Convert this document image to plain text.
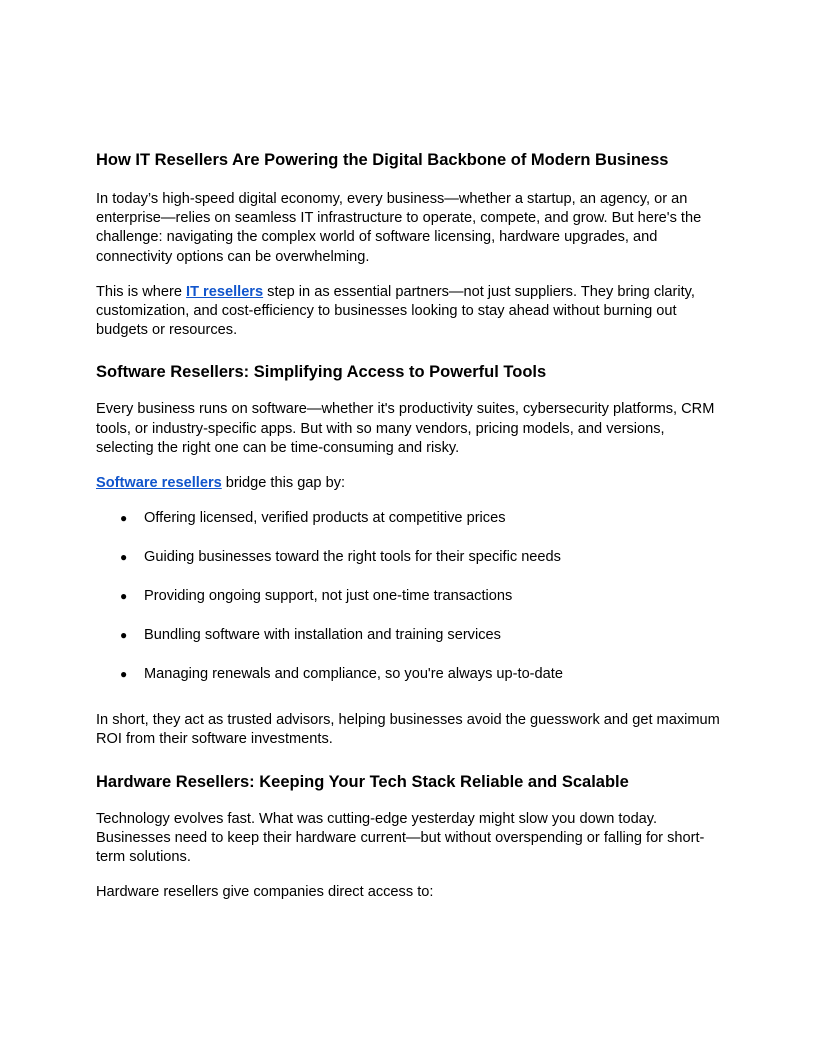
How IT Resellers Are Powering the Digital Backbone of Modern Business

In today’s high-speed digital economy, every business—whether a startup, an agency, or an enterprise—relies on seamless IT infrastructure to operate, compete, and grow. But here's the challenge: navigating the complex world of software licensing, hardware upgrades, and connectivity options can be overwhelming.

This is where IT resellers step in as essential partners—not just suppliers. They bring clarity, customization, and cost-efficiency to businesses looking to stay ahead without burning out budgets or resources.

Software Resellers: Simplifying Access to Powerful Tools

Every business runs on software—whether it's productivity suites, cybersecurity platforms, CRM tools, or industry-specific apps. But with so many vendors, pricing models, and versions, selecting the right one can be time-consuming and risky.

Software resellers bridge this gap by:

● Offering licensed, verified products at competitive prices
● Guiding businesses toward the right tools for their specific needs
● Providing ongoing support, not just one-time transactions
● Bundling software with installation and training services
● Managing renewals and compliance, so you're always up-to-date

In short, they act as trusted advisors, helping businesses avoid the guesswork and get maximum ROI from their software investments.

Hardware Resellers: Keeping Your Tech Stack Reliable and Scalable

Technology evolves fast. What was cutting-edge yesterday might slow you down today. Businesses need to keep their hardware current—but without overspending or falling for short-term solutions.

Hardware resellers give companies direct access to:
